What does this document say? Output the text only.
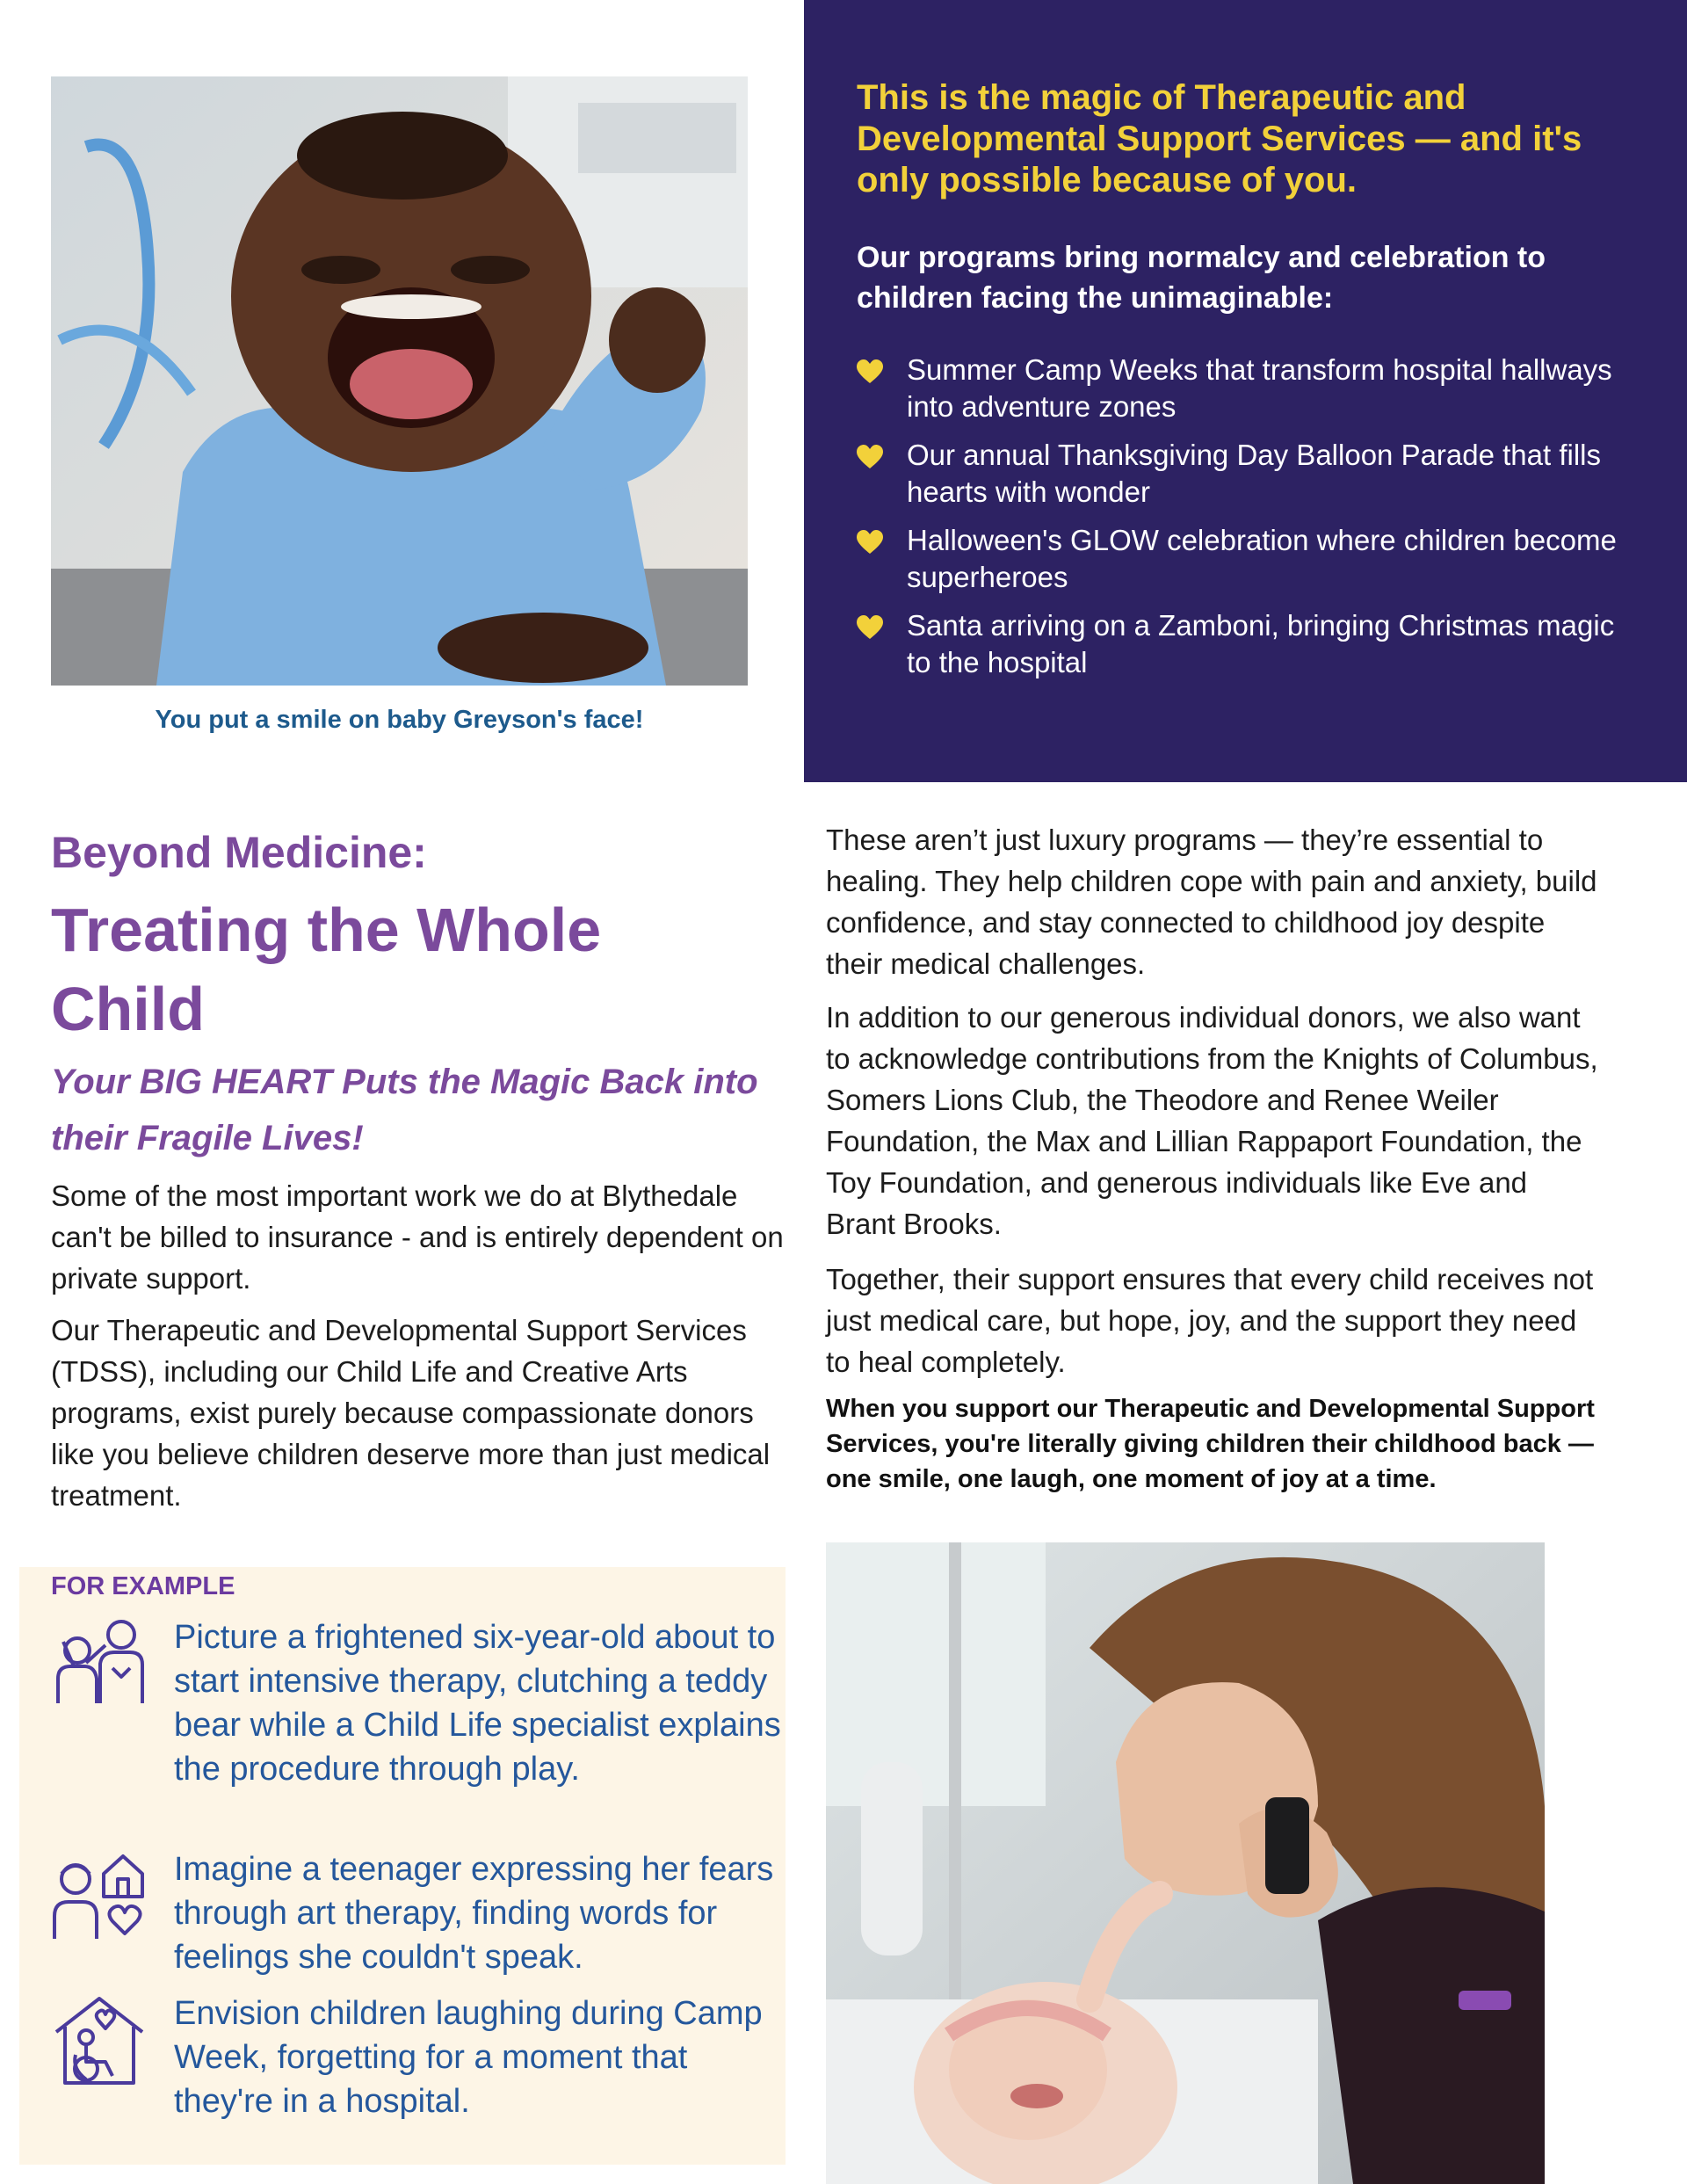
You put a smile on baby Greyson's face!
This is the magic of Therapeutic and Developmental Support Services — and it's only possible because of you.
Our programs bring normalcy and celebration to children facing the unimaginable:
Summer Camp Weeks that transform hospital hallways into adventure zones
Our annual Thanksgiving Day Balloon Parade that fills hearts with wonder
Halloween's GLOW celebration where children become superheroes
Santa arriving on a Zamboni, bringing Christmas magic to the hospital
Beyond Medicine:
Treating the Whole Child
Your BIG HEART Puts the Magic Back into their Fragile Lives!
Some of the most important work we do at Blythedale can't be billed to insurance - and is entirely dependent on private support.
Our Therapeutic and Developmental Support Services (TDSS), including our Child Life and Creative Arts programs, exist purely because compassionate donors like you believe children deserve more than just medical treatment.
FOR EXAMPLE
Picture a frightened six-year-old about to start intensive therapy, clutching a teddy bear while a Child Life specialist explains the procedure through play.
Imagine a teenager expressing her fears through art therapy, finding words for feelings she couldn't speak.
Envision children laughing during Camp Week, forgetting for a moment that they're in a hospital.
These aren’t just luxury programs — they’re essential to healing. They help children cope with pain and anxiety, build confidence, and stay connected to childhood joy despite their medical challenges.
In addition to our generous individual donors, we also want to acknowledge contributions from the Knights of Columbus, Somers Lions Club, the Theodore and Renee Weiler Foundation, the Max and Lillian Rappaport Foundation, the Toy Foundation, and generous individuals like Eve and Brant Brooks.
Together, their support ensures that every child receives not just medical care, but hope, joy, and the support they need to heal completely.
When you support our Therapeutic and Developmental Support Services, you're literally giving children their childhood back — one smile, one laugh, one moment of joy at a time.
